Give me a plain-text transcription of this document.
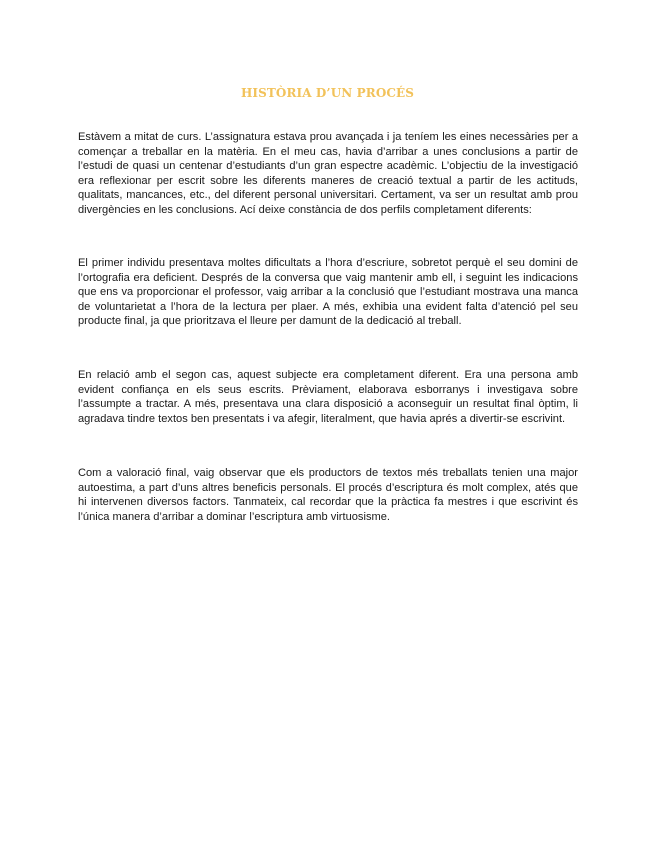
HISTÒRIA D’UN PROCÉS

Estàvem a mitat de curs. L’assignatura estava prou avançada i ja teníem les eines necessàries per a començar a treballar en la matèria. En el meu cas, havia d’arribar a unes conclusions a partir de l’estudi de quasi un centenar d’estudiants d’un gran espectre acadèmic. L’objectiu de la investigació era reflexionar per escrit sobre les diferents maneres de creació textual a partir de les actituds, qualitats, mancances, etc., del diferent personal universitari. Certament, va ser un resultat amb prou divergències en les conclusions. Ací deixe constància de dos perfils completament diferents:

El primer individu presentava moltes dificultats a l’hora d’escriure, sobretot perquè el seu domini de l’ortografia era deficient. Després de la conversa que vaig mantenir amb ell, i seguint les indicacions que ens va proporcionar el professor, vaig arribar a la conclusió que l’estudiant mostrava una manca de voluntarietat a l’hora de la lectura per plaer. A més, exhibia una evident falta d’atenció pel seu producte final, ja que prioritzava el lleure per damunt de la dedicació al treball.

En relació amb el segon cas, aquest subjecte era completament diferent. Era una persona amb evident confiança en els seus escrits. Prèviament, elaborava esborranys i investigava sobre l’assumpte a tractar. A més, presentava una clara disposició a aconseguir un resultat final òptim, li agradava tindre textos ben presentats i va afegir, literalment, que havia aprés a divertir-se escrivint.

Com a valoració final, vaig observar que els productors de textos més treballats tenien una major autoestima, a part d’uns altres beneficis personals. El procés d’escriptura és molt complex, atés que hi intervenen diversos factors. Tanmateix, cal recordar que la pràctica fa mestres i que escrivint és l’única manera d’arribar a dominar l’escriptura amb virtuosisme.
